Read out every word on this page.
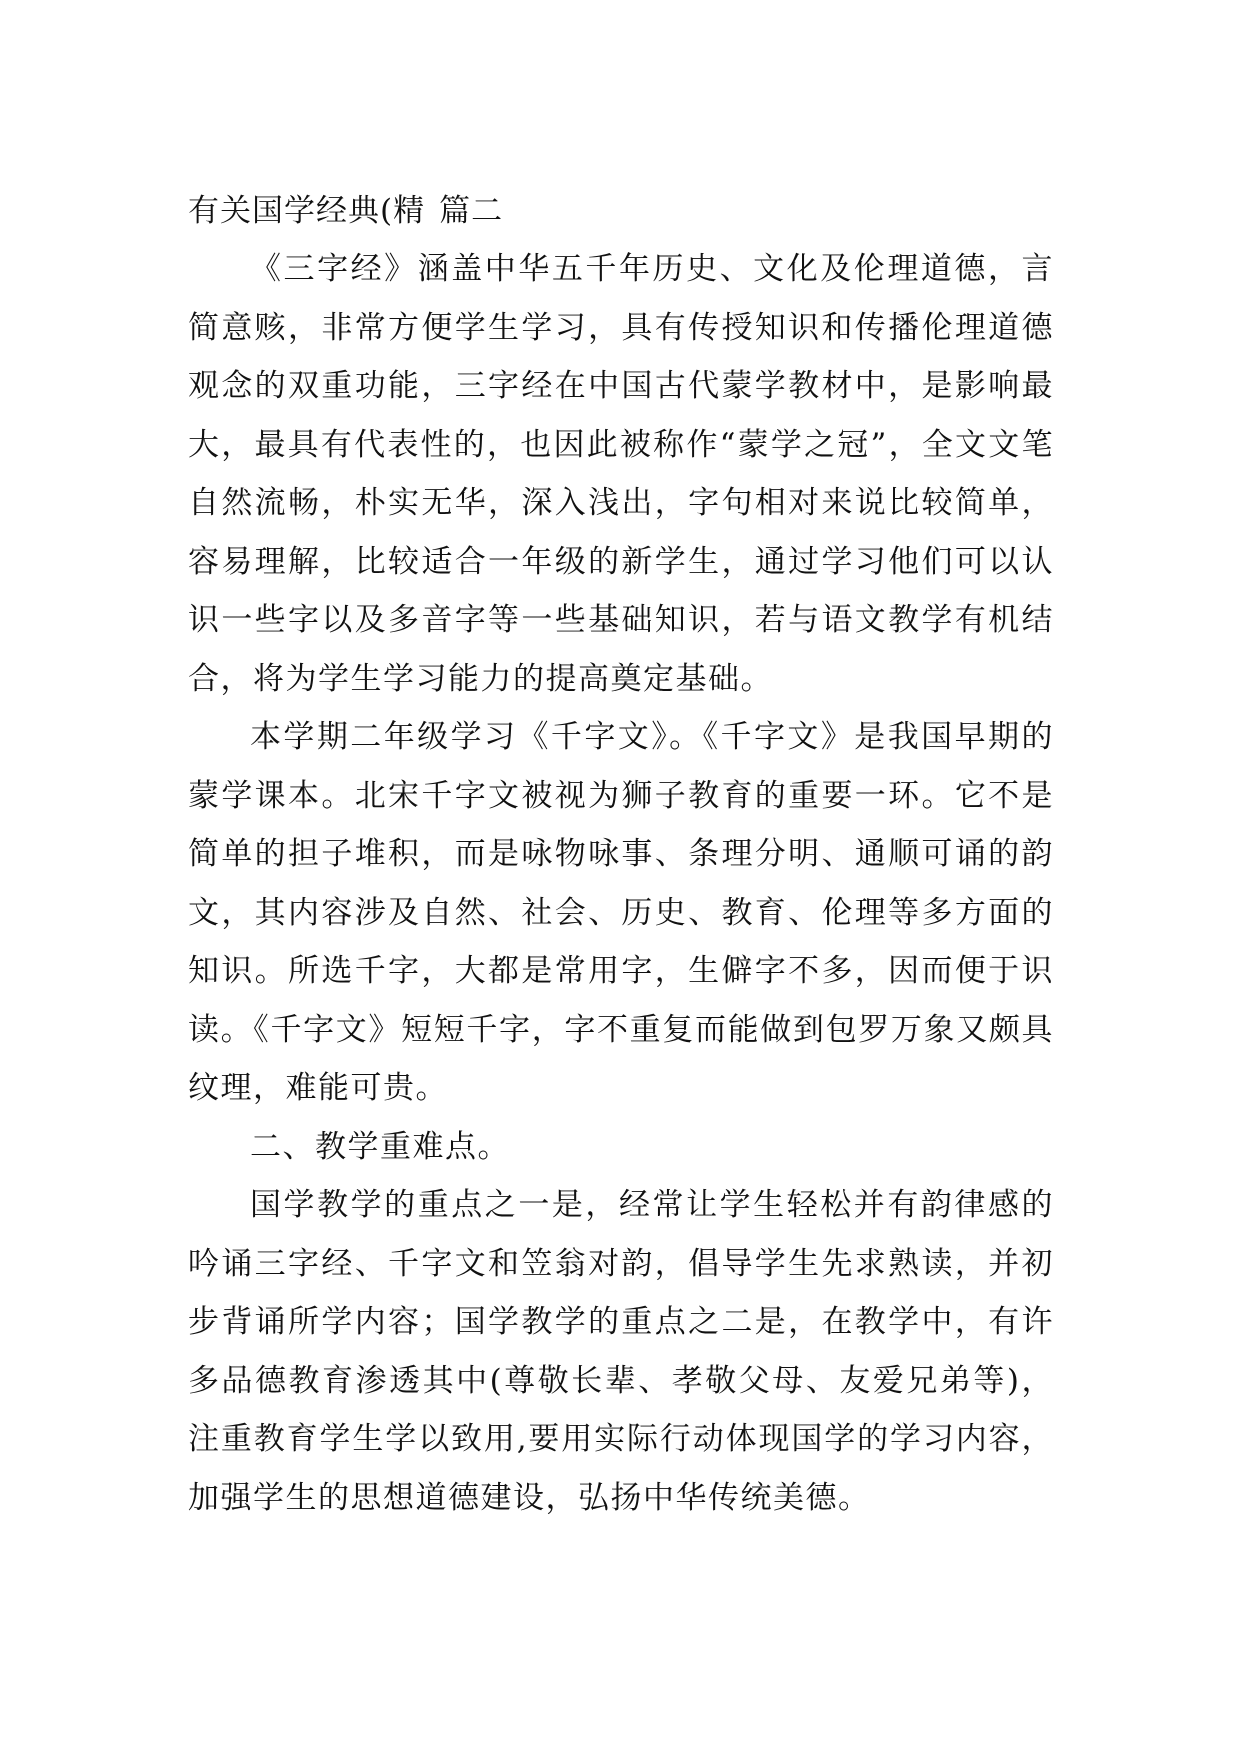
有关国学经典(精 篇二

《三字经》涵盖中华五千年历史、文化及伦理道德，言简意赅，非常方便学生学习，具有传授知识和传播伦理道德观念的双重功能，三字经在中国古代蒙学教材中，是影响最大，最具有代表性的，也因此被称作“蒙学之冠”，全文文笔自然流畅，朴实无华，深入浅出，字句相对来说比较简单，容易理解，比较适合一年级的新学生，通过学习他们可以认识一些字以及多音字等一些基础知识，若与语文教学有机结合，将为学生学习能力的提高奠定基础。

本学期二年级学习《千字文》。《千字文》是我国早期的蒙学课本。北宋千字文被视为狮子教育的重要一环。它不是简单的担子堆积，而是咏物咏事、条理分明、通顺可诵的韵文，其内容涉及自然、社会、历史、教育、伦理等多方面的知识。所选千字，大都是常用字，生僻字不多，因而便于识读。《千字文》短短千字，字不重复而能做到包罗万象又颇具纹理，难能可贵。

二、教学重难点。

国学教学的重点之一是，经常让学生轻松并有韵律感的吟诵三字经、千字文和笠翁对韵，倡导学生先求熟读，并初步背诵所学内容；国学教学的重点之二是，在教学中，有许多品德教育渗透其中(尊敬长辈、孝敬父母、友爱兄弟等)，注重教育学生学以致用,要用实际行动体现国学的学习内容，加强学生的思想道德建设，弘扬中华传统美德。
